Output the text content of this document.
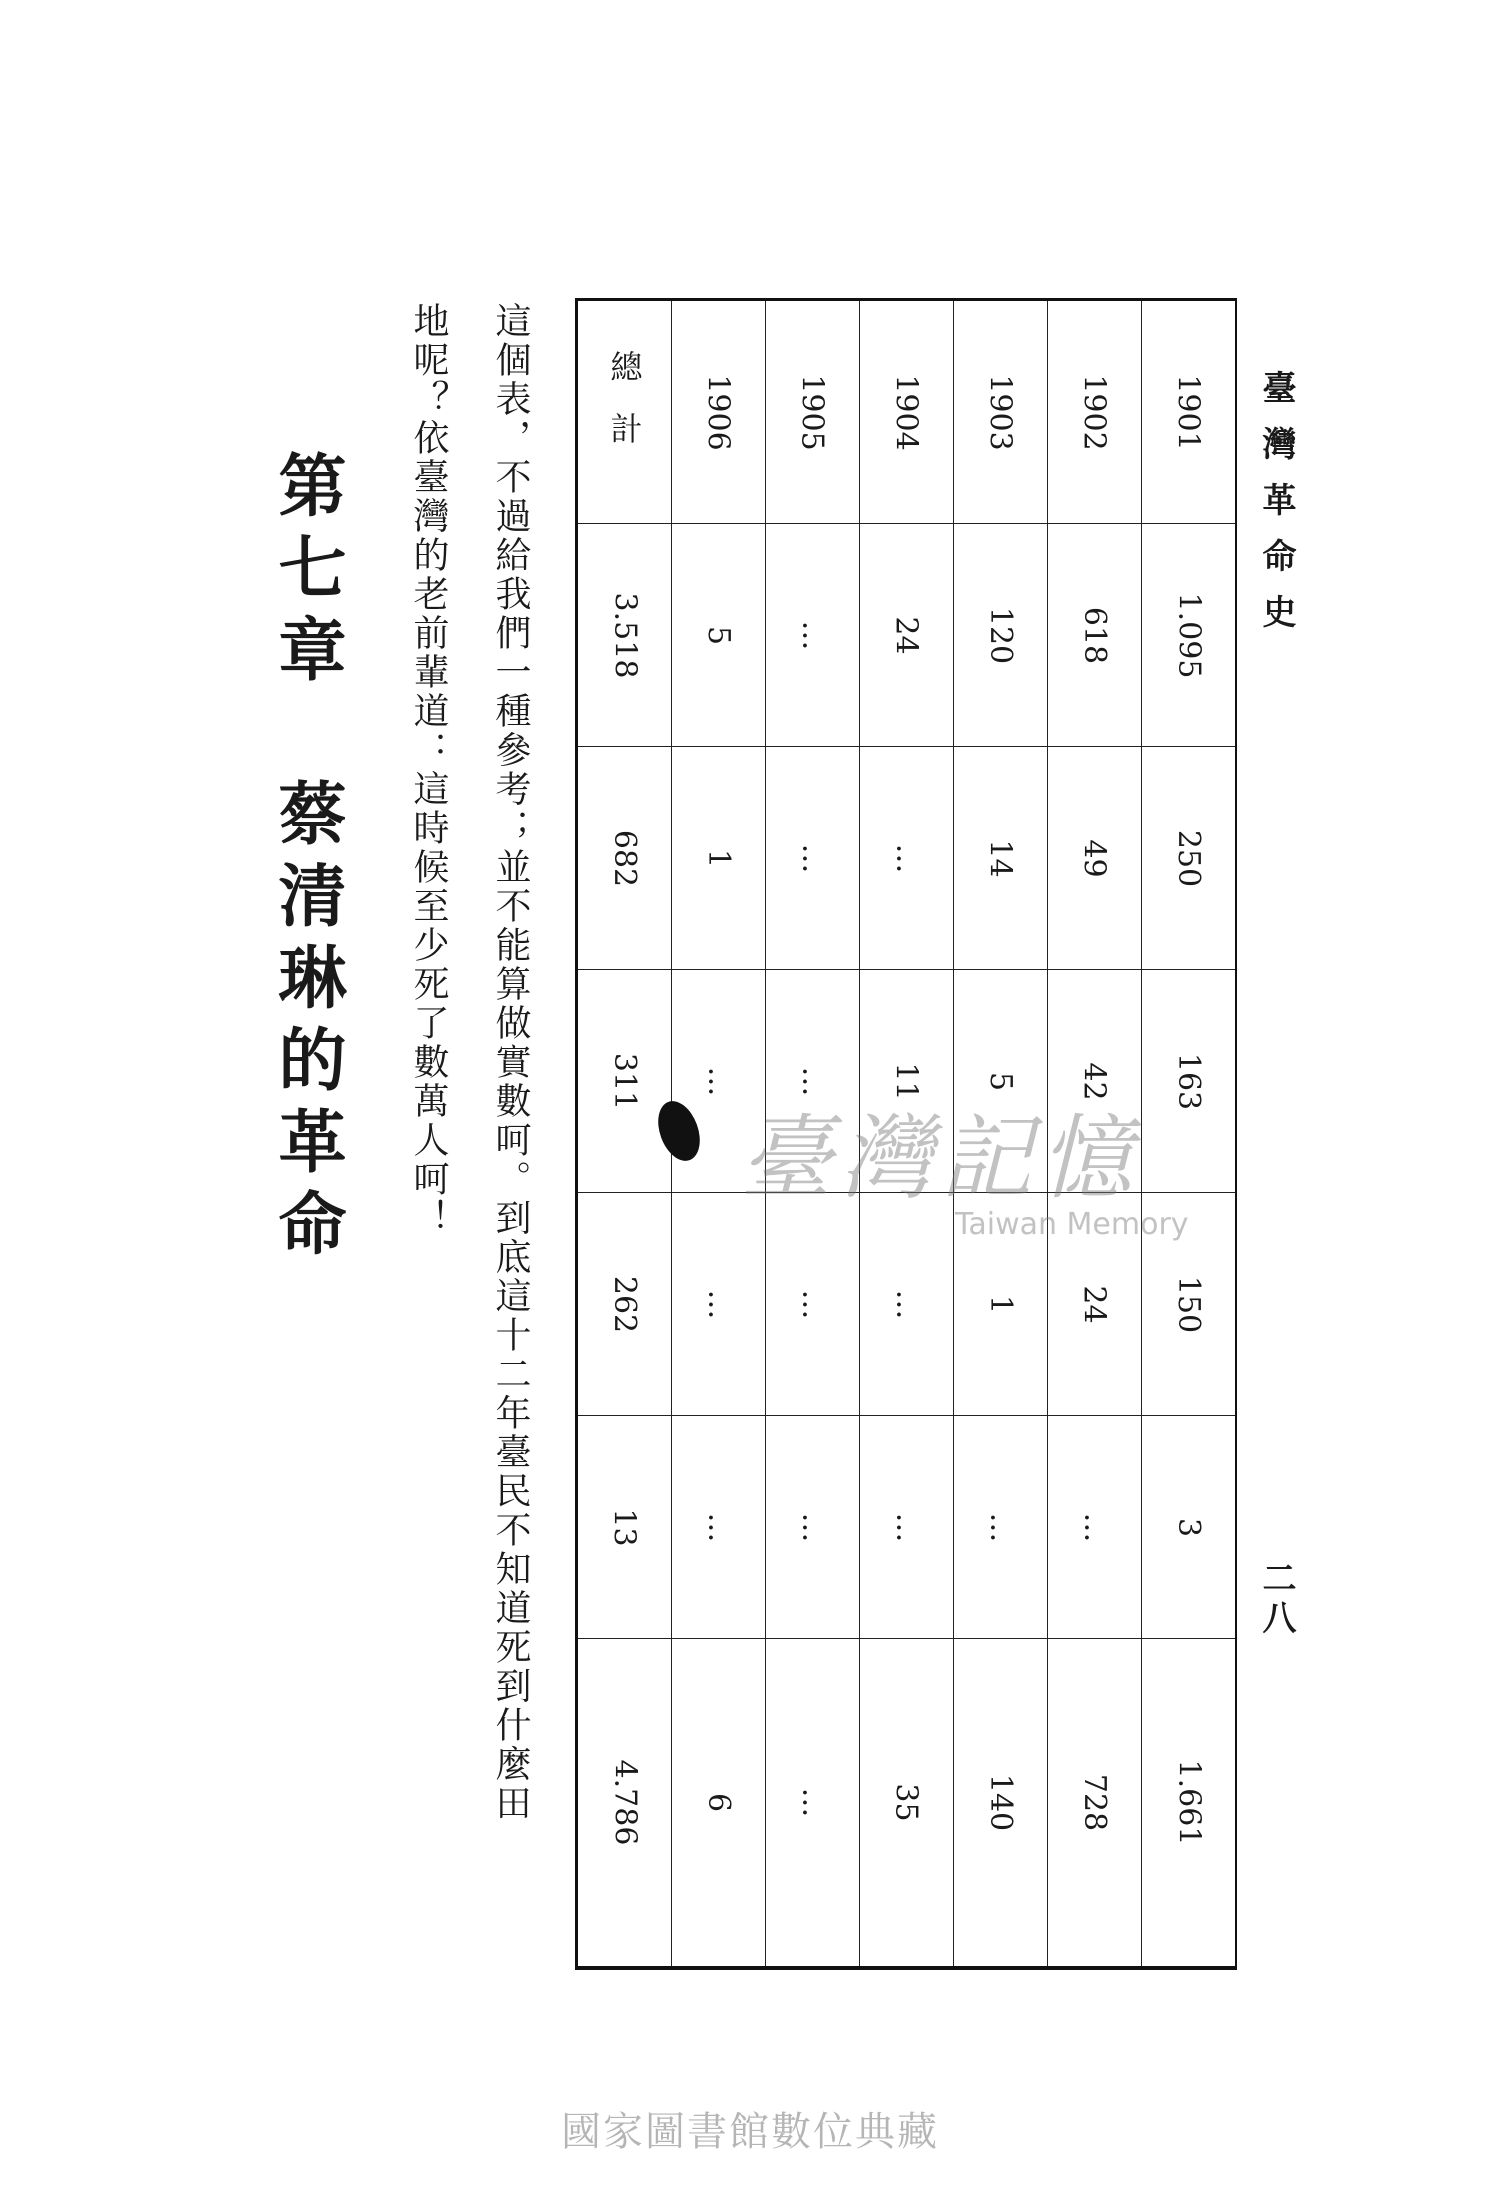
臺灣革命史
二八
1901
1.095
250
163
150
3
1.661
1902
618
49
42
24
…
728
1903
120
14
5
1
…
140
1904
24
…
11
…
…
35
1905
…
…
…
…
…
…
1906
5
1
…
…
…
6
總計
3.518
682
311
262
13
4.786
這個表，不過給我們一種參考；並不能算做實數呵。到底這十二年臺民不知道死到什麼田
地呢？依臺灣的老前輩道：這時候至少死了數萬人呵！
第七章　蔡清琳的革命	臺灣記憶
Taiwan Memory
國家圖書館數位典藏
